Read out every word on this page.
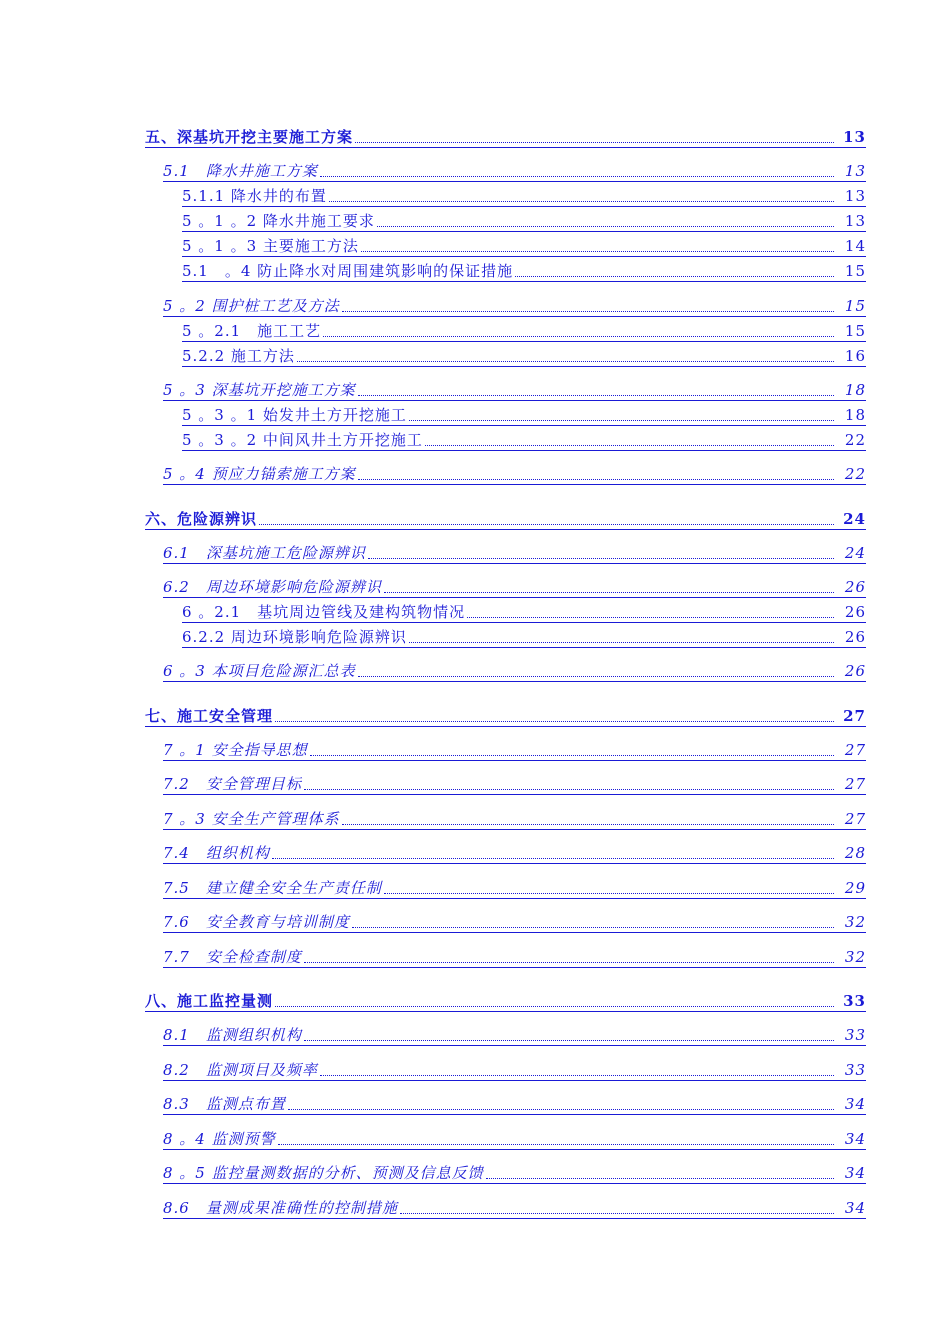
五、深基坑开挖主要施工方案	13
5.1　降水井施工方案	13
5.1.1 降水井的布置	13
5 。1 。2 降水井施工要求	13
5 。1 。3 主要施工方法	14
5.1　。4 防止降水对周围建筑影响的保证措施	15
5 。2 围护桩工艺及方法	15
5 。2.1　施工工艺	15
5.2.2 施工方法	16
5 。3 深基坑开挖施工方案	18
5 。3 。1 始发井土方开挖施工	18
5 。3 。2 中间风井土方开挖施工	22
5 。4 预应力锚索施工方案	22
六、危险源辨识	24
6.1　深基坑施工危险源辨识	24
6.2　周边环境影响危险源辨识	26
6 。2.1　基坑周边管线及建构筑物情况	26
6.2.2 周边环境影响危险源辨识	26
6 。3 本项目危险源汇总表	26
七、施工安全管理	27
7 。1 安全指导思想	27
7.2　安全管理目标	27
7 。3 安全生产管理体系	27
7.4　组织机构	28
7.5　建立健全安全生产责任制	29
7.6　安全教育与培训制度	32
7.7　安全检查制度	32
八、施工监控量测	33
8.1　监测组织机构	33
8.2　监测项目及频率	33
8.3　监测点布置	34
8 。4 监测预警	34
8 。5 监控量测数据的分析、预测及信息反馈	34
8.6　量测成果准确性的控制措施	34
